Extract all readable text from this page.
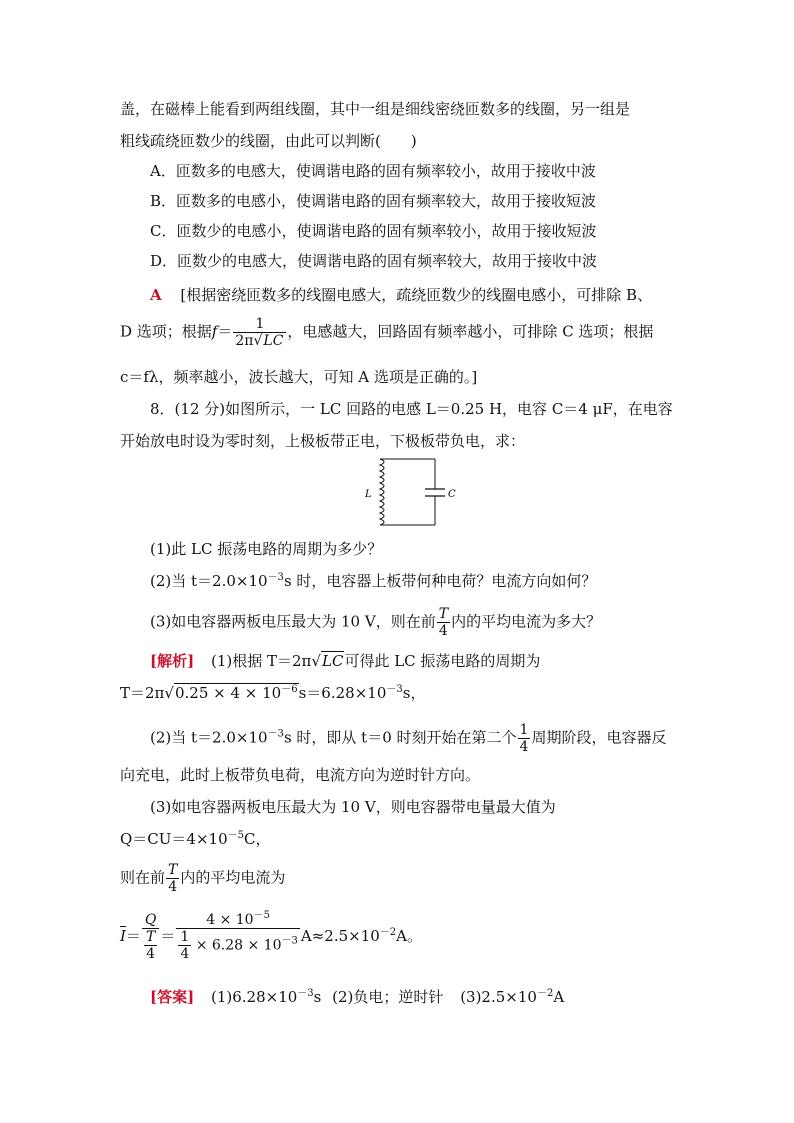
盖，在磁棒上能看到两组线圈，其中一组是细线密绕匝数多的线圈，另一组是
粗线疏绕匝数少的线圈，由此可以判断(　　)
A．匝数多的电感大，使调谐电路的固有频率较小，故用于接收中波
B．匝数多的电感小，使调谐电路的固有频率较大，故用于接收短波
C．匝数少的电感小，使调谐电路的固有频率较小，故用于接收短波
D．匝数少的电感大，使调谐电路的固有频率较大，故用于接收中波
A [根据密绕匝数多的线圈电感大，疏绕匝数少的线圈电感小，可排除 B、
D 选项；根据$f= \frac{1}{2\pi√LC}$ ，电感越大，回路固有频率越小，可排除 C 选项；根据
c＝fλ，频率越小，波长越大，可知 A 选项是正确的。]
8．(12 分)如图所示，一 LC 回路的电感 L＝0.25 H，电容 C＝4 μF，在电容
开始放电时设为零时刻，上极板带正电，下极板带负电，求：
L	C
(1)此 LC 振荡电路的周期为多少？
(2)当 $t=2.0\times 10^{-3}s$ 时，电容器上板带何种电荷？电流方向如何？
(3)如电容器两板电压最大为 10 V，则在前 $\frac{T}{4}$ 内的平均电流为多大？
[解析] (1)根据 T＝2π√LC可得此 LC 振荡电路的周期为
$T=2\pi√0.25 \times 4 \times 10^{-6}s=6.28\times 10^{-3}s$，
(2)当 $t=2.0\times 10^{-3}s$ 时，即从 t＝0 时刻开始在第二个 $\frac{1}{4}$ 周期阶段，电容器反
向充电，此时上板带负电荷，电流方向为逆时针方向。
(3)如电容器两板电压最大为 10 V，则电容器带电量最大值为
$Q=CU=4\times 10^{-5}C$，
则在前 $\frac{T}{4}$ 内的平均电流为
$\overline{I}= \frac{Q}{\frac{T}{4}} = \frac{4 \times 10^{-5}}{\frac{1}{4} \times 6.28 \times 10^{-3}} A\approx 2.5\times 10^{-2}A$。
[答案] $(1)6.28\times 10^{-3}s$ (2)负电；逆时针 $(3)2.5\times 10^{-2}A$
